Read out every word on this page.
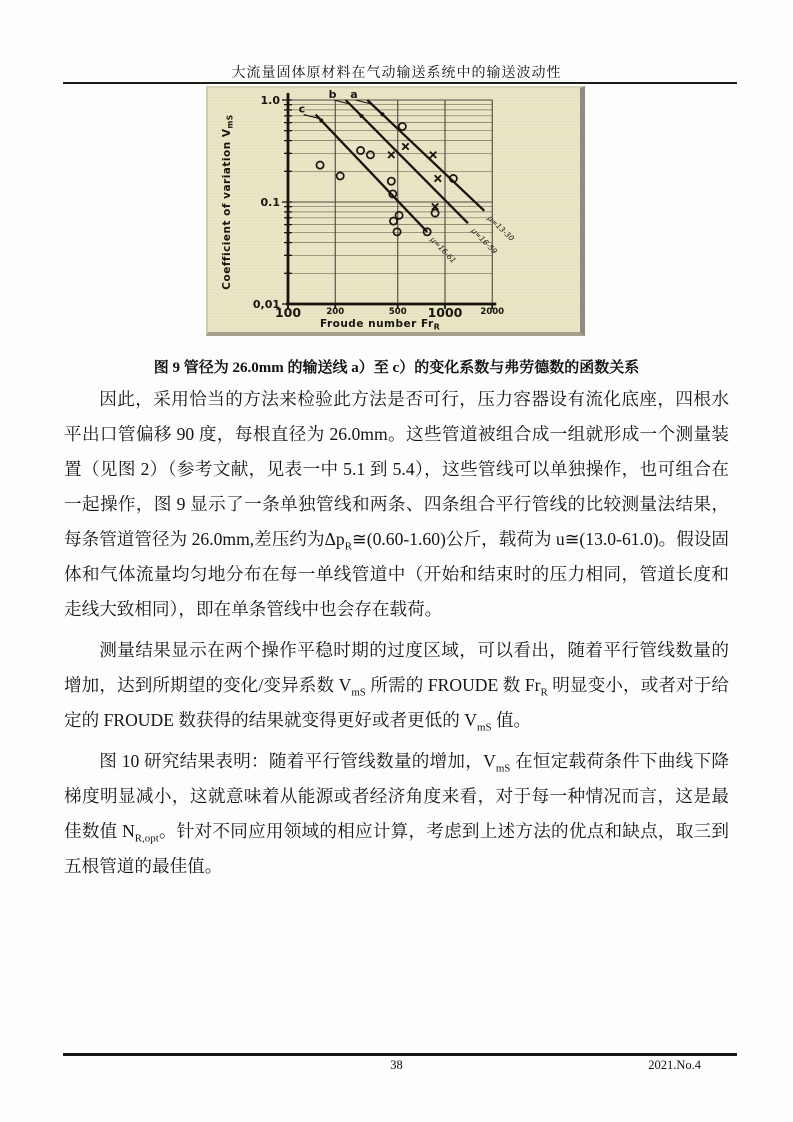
大流量固体原材料在气动输送系统中的输送波动性
100	200	500 1000 2000
1.0
0.1
0,01
Froude number $Fr_R$
Coefficient of variation $V_{mS}$
a
μ=13-30
b
μ=16-59
c
μ=16-61
图 9 管径为 26.0mm 的输送线 a）至 c）的变化系数与弗劳德数的函数关系

因此，采用恰当的方法来检验此方法是否可行，压力容器设有流化底座，四根水平出口管偏移 90 度，每根直径为 26.0mm。这些管道被组合成一组就形成一个测量装置（见图 2）（参考文献，见表一中 5.1 到 5.4），这些管线可以单独操作，也可组合在一起操作，图 9 显示了一条单独管线和两条、四条组合平行管线的比较测量法结果，每条管道管径为 26.0mm,差压约为$\Delta p_R≅(0.60-1.60)$公斤，载荷为 u≅(13.0-61.0)。假设固体和气体流量均匀地分布在每一单线管道中（开始和结束时的压力相同，管道长度和走线大致相同），即在单条管线中也会存在载荷。

测量结果显示在两个操作平稳时期的过度区域，可以看出，随着平行管线数量的增加，达到所期望的变化/变异系数 $V_{mS}$ 所需的 FROUDE 数 $Fr_R$ 明显变小，或者对于给定的 FROUDE 数获得的结果就变得更好或者更低的 $V_{mS}$ 值。

图 10 研究结果表明：随着平行管线数量的增加，$V_{mS}$ 在恒定载荷条件下曲线下降梯度明显减小，这就意味着从能源或者经济角度来看，对于每一种情况而言，这是最佳数值 $N_{R,opt}$。针对不同应用领域的相应计算，考虑到上述方法的优点和缺点，取三到五根管道的最佳值。

38	2021.No.4
